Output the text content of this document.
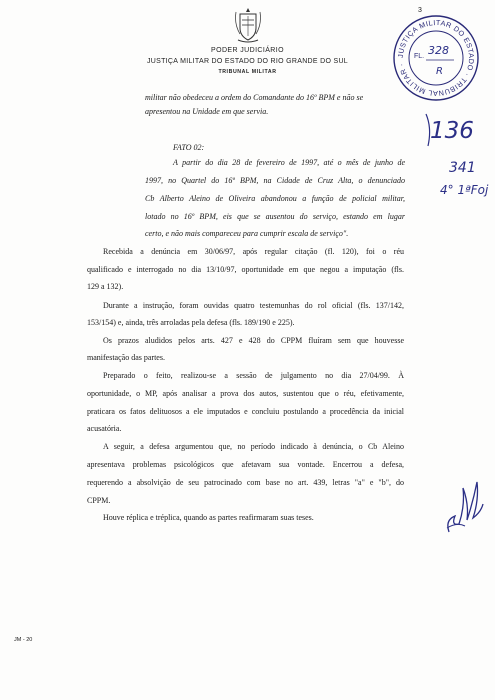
PODER JUDICIÁRIO
JUSTIÇA MILITAR DO ESTADO DO RIO GRANDE DO SUL
TRIBUNAL MILITAR
3
JUSTIÇA MILITAR DO ESTADO · TRIBUNAL MILITAR ·
FL. 328
R
136
341
4° 1ªFoj
militar não obedeceu a ordem do Comandante do 16º BPM e não se
apresentou na Unidade em que servia.
FATO 02:
A partir do dia 28 de fevereiro de 1997, até o mês de junho de
1997, no Quartel do 16º BPM, na Cidade de Cruz Alta, o denunciado
Cb Alberto Aleino de Oliveira abandonou a função de policial militar,
lotado no 16º BPM, eis que se ausentou do serviço, estando em lugar
certo, e não mais compareceu para cumprir escala de serviço".
Recebida a denúncia em 30/06/97, após regular citação (fl. 120), foi o réu
qualificado e interrogado no dia 13/10/97, oportunidade em que negou a imputação (fls.
129 a 132).
Durante a instrução, foram ouvidas quatro testemunhas do rol oficial (fls. 137/142,
153/154) e, ainda, três arroladas pela defesa (fls. 189/190 e 225).
Os prazos aludidos pelos arts. 427 e 428 do CPPM fluíram sem que houvesse
manifestação das partes.
Preparado o feito, realizou-se a sessão de julgamento no dia 27/04/99. À
oportunidade, o MP, após analisar a prova dos autos, sustentou que o réu, efetivamente,
praticara os fatos delituosos a ele imputados e concluiu postulando a procedência da inicial
acusatória.
A seguir, a defesa argumentou que, no período indicado à denúncia, o Cb Aleino
apresentava problemas psicológicos que afetavam sua vontade. Encerrou a defesa,
requerendo a absolvição de seu patrocinado com base no art. 439, letras "a" e "b", do
CPPM.
Houve réplica e tréplica, quando as partes reafirmaram suas teses.
JM - 20
